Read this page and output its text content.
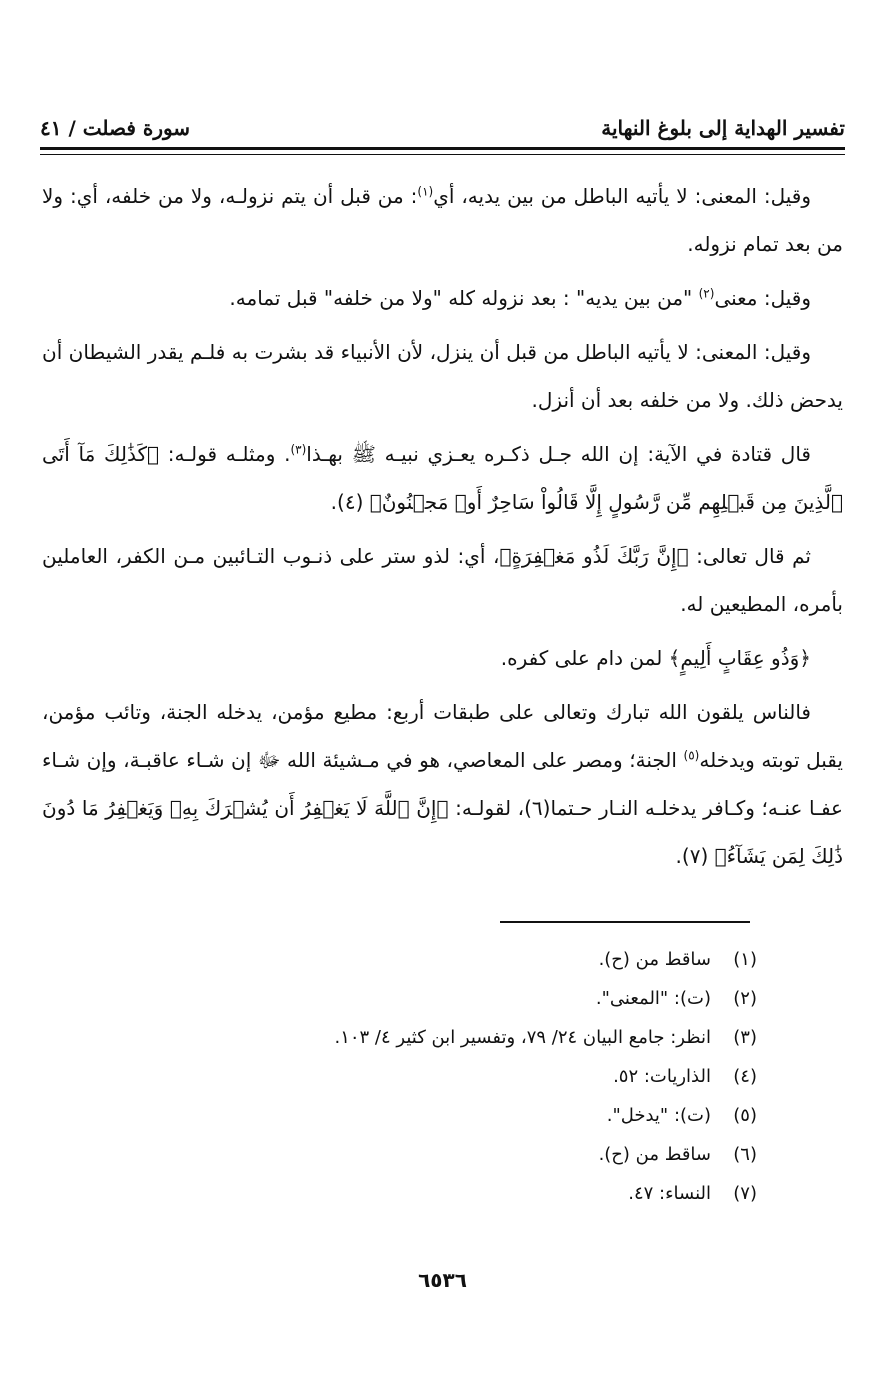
تفسير الهداية إلى بلوغ النهاية
سورة فصلت / ٤١

وقيل: المعنى: لا يأتيه الباطل من بين يديه، أي$^{(١)}$: من قبل أن يتم نزولـه، ولا من خلفه، أي: ولا من بعد تمام نزوله.

وقيل: معنى$^{(٢)}$ "من بين يديه" : بعد نزوله كله "ولا من خلفه" قبل تمامه.

وقيل: المعنى: لا يأتيه الباطل من قبل أن ينزل، لأن الأنبياء قد بشرت به فلـم يقدر الشيطان أن يدحض ذلك. ولا من خلفه بعد أن أنزل.

قال قتادة في الآية: إن الله جـل ذكـره يعـزي نبيـه ﷺ بهـذا$^{(٣)}$. ومثلـه قولـه: ﴿كَذَٰلِكَ مَآ أَتَى ٱلَّذِينَ مِن قَبۡلِهِم مِّن رَّسُولٍ إِلَّا قَالُواْ سَاحِرٌ أَوۡ مَجۡنُونٌ﴾ (٤).

ثم قال تعالى: ﴿إِنَّ رَبَّكَ لَذُو مَغۡفِرَةٍ﴾، أي: لذو ستر على ذنـوب التـائبين مـن الكفر، العاملين بأمره، المطيعين له.

﴿وَذُو عِقَابٍ أَلِيمٍ﴾ لمن دام على كفره.

فالناس يلقون الله تبارك وتعالى على طبقات أربع: مطيع مؤمن، يدخله الجنة، وتائب مؤمن، يقبل توبته ويدخله$^{(٥)}$ الجنة؛ ومصر على المعاصي، هو في مـشيئة الله ﷻ إن شـاء عاقبـة، وإن شـاء عفـا عنـه؛ وكـافر يدخلـه النـار حـتما(٦)، لقولـه: ﴿إِنَّ ٱللَّهَ لَا يَغۡفِرُ أَن يُشۡرَكَ بِهِۦ وَيَغۡفِرُ مَا دُونَ ذَٰلِكَ لِمَن يَشَآءُ﴾ (٧).

(١)ساقط من (ح).
(٢)(ت): "المعنى".
(٣)انظر: جامع البيان ٢٤/ ٧٩، وتفسير ابن كثير ٤/ ١٠٣.
(٤)الذاريات: ٥٢.
(٥)(ت): "يدخل".
(٦)ساقط من (ح).
(٧)النساء: ٤٧.
٦٥٣٦
